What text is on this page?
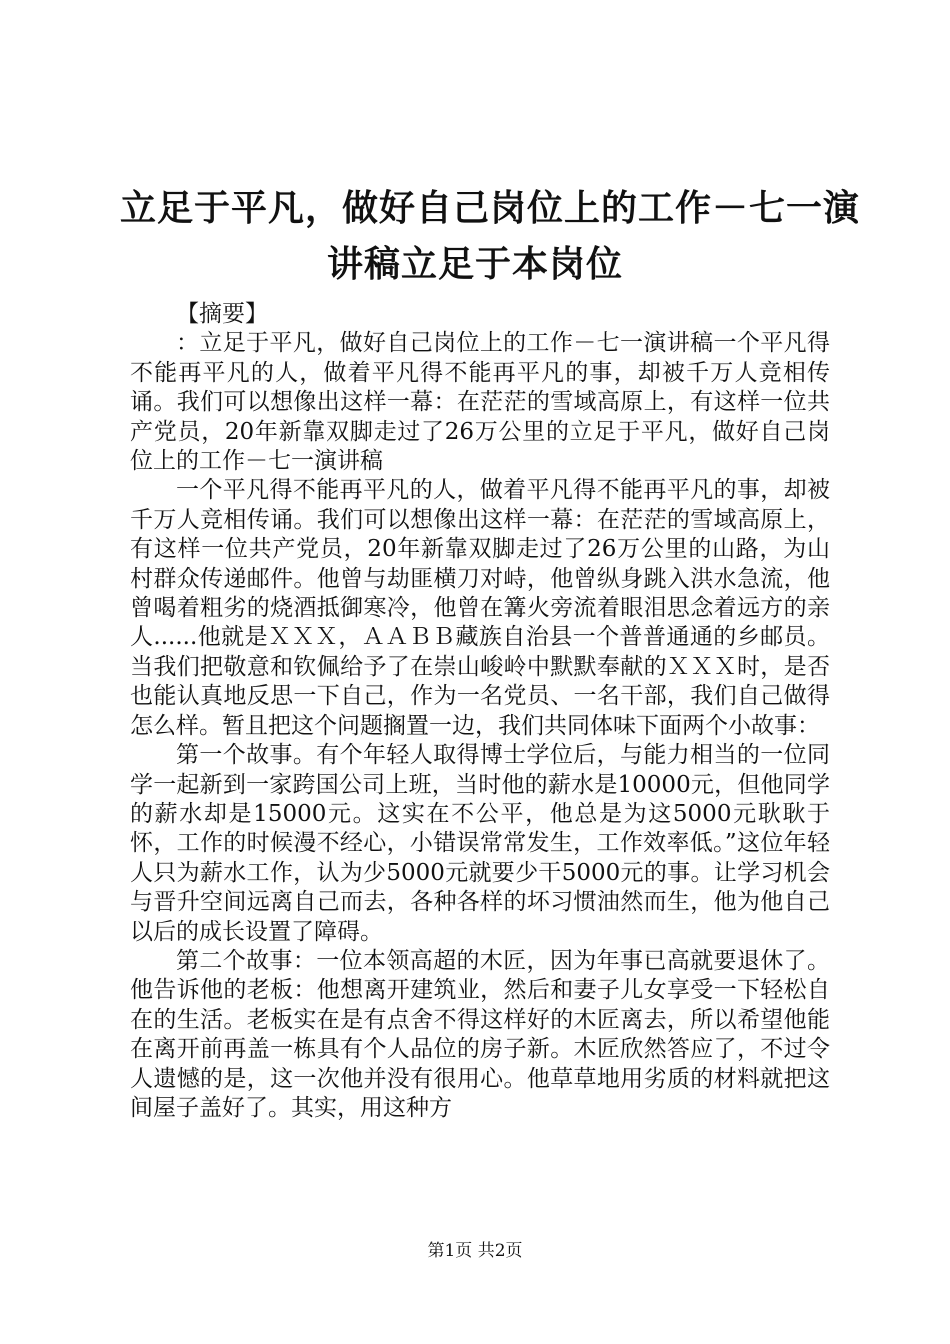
立足于平凡，做好自己岗位上的工作－七一演
讲稿立足于本岗位

【摘要】

：立足于平凡，做好自己岗位上的工作－七一演讲稿一个平凡得不能再平凡的人，做着平凡得不能再平凡的事，却被千万人竞相传诵。我们可以想像出这样一幕：在茫茫的雪域高原上，有这样一位共产党员，20年新靠双脚走过了26万公里的立足于平凡，做好自己岗位上的工作－七一演讲稿

一个平凡得不能再平凡的人，做着平凡得不能再平凡的事，却被千万人竞相传诵。我们可以想像出这样一幕：在茫茫的雪域高原上，有这样一位共产党员，20年新靠双脚走过了26万公里的山路，为山村群众传递邮件。他曾与劫匪横刀对峙，他曾纵身跳入洪水急流，他曾喝着粗劣的烧酒抵御寒冷，他曾在篝火旁流着眼泪思念着远方的亲人......他就是ＸＸＸ，ＡＡＢＢ藏族自治县一个普普通通的乡邮员。当我们把敬意和钦佩给予了在崇山峻岭中默默奉献的ＸＸＸ时，是否也能认真地反思一下自己，作为一名党员、一名干部，我们自己做得怎么样。暂且把这个问题搁置一边，我们共同体味下面两个小故事：

第一个故事。有个年轻人取得博士学位后，与能力相当的一位同学一起新到一家跨国公司上班，当时他的薪水是10000元，但他同学的薪水却是15000元。这实在不公平，他总是为这5000元耿耿于怀，工作的时候漫不经心，小错误常常发生，工作效率低。”这位年轻人只为薪水工作，认为少5000元就要少干5000元的事。让学习机会与晋升空间远离自己而去，各种各样的坏习惯油然而生，他为他自己以后的成长设置了障碍。

第二个故事：一位本领高超的木匠，因为年事已高就要退休了。他告诉他的老板：他想离开建筑业，然后和妻子儿女享受一下轻松自在的生活。老板实在是有点舍不得这样好的木匠离去，所以希望他能在离开前再盖一栋具有个人品位的房子新。木匠欣然答应了，不过令人遗憾的是，这一次他并没有很用心。他草草地用劣质的材料就把这间屋子盖好了。其实，用这种方

第1页 共2页
